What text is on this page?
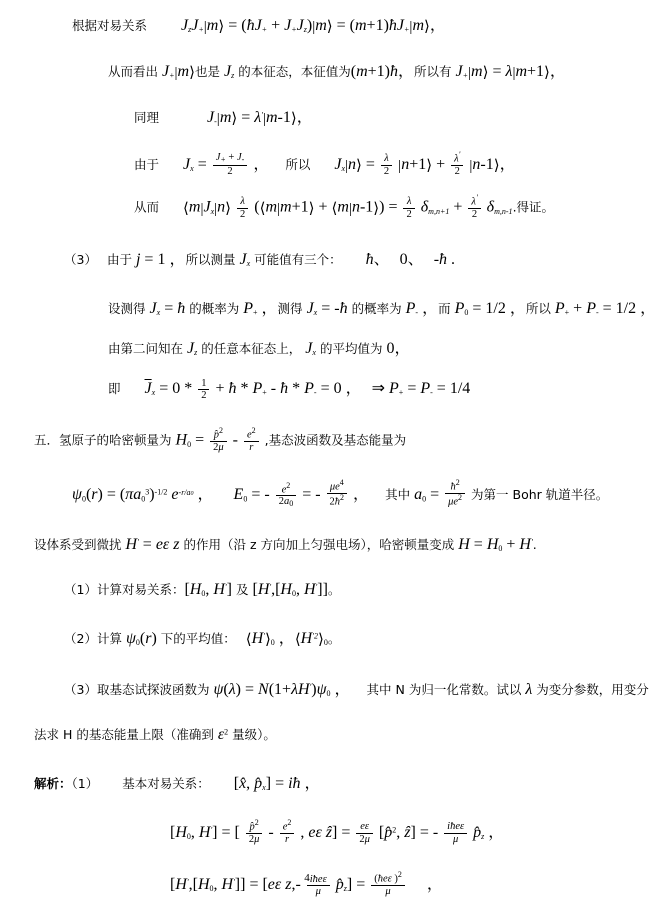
根据对易关系 $J_zJ_+|m⟩$ = ($ħJ_+$ + $J_+J_z)|m⟩$ = $(m+1)ħJ_+|m⟩$，
从而看出 $J_+|m⟩$也是 $J_z$ 的本征态，本征值为(m+1)ħ，所以有 $J_+|m⟩$ = λ|m+1⟩，
同理	$J_-|m⟩$ = λ'|m-1⟩，
由于 $J_x = \frac{J_+ + J_-}{2}$ ， 所以 $J_x|n⟩ = \frac{\lambda}{2}$ |n+1⟩ + $\frac{\lambda'}{2}$ |n-1⟩，
从而 $⟨m|J_x|n⟩ \frac{\lambda}{2}$ (⟨m|m+1⟩ + ⟨m|n-1⟩) = $\frac{\lambda}{2} \delta_{m,n+1} + \frac{\lambda'}{2} \delta_{m,n-1}$.得证。
（3） 由于 j = 1 ，所以测量 $J_x$ 可能值有三个： ħ、 0、 -ħ .
设测得 $J_x$ = ħ 的概率为 P+ ，测得 $J_x$ = -ħ 的概率为 P- ，而 P0 = 1/2 ，所以 P+ + P- = 1/2 ，
由第二问知在 $J_z$ 的任意本征态上， $J_x$ 的平均值为 0，
即 $\overline{J}_x = 0 * \frac{1}{2}$ + ħ * P+ - ħ * P- = 0 ， ⇒ P+ = P- = 1/4
五．氢原子的哈密顿量为 $H0 = \frac{p̂^2}{2\mu} - \frac{e^2}{r}$ ,基态波函数及基态能量为
$\psi 0(r) = (\pi a0^3)^{-1/2}$ $e^{-r/a0}$ ， E0 = - $\frac{e^2}{2a_0}$ = - $\frac{\mu e^4}{2ħ^2}$ ， 其中 $a0 = \frac{ħ^2}{\mu e^2}$ 为第一 Bohr 轨道半径。
设体系受到微扰 H' = eε z 的作用（沿 z 方向加上匀强电场），哈密顿量变成 H = H0 + H'.
（1）计算对易关系：[H0, H'] 及 [H',[H0, H']]。
（2）计算 ψ0(r) 下的平均值： ⟨H'⟩0 ，$⟨H^{'2}⟩0$。
（3）取基态试探波函数为 ψ(λ) = N(1+λH')ψ0 ， 其中 N 为归一化常数。试以 λ 为变分参数，用变分
法求 H 的基态能量上限（准确到 $\varepsilon^2$ 量级）。
解析：（1） 基本对易关系： [x̂, $p̂_x$] = iħ ，
[H0, H'] = [ $\frac{p̂^2}{2\mu} - \frac{e^2}{r}$ , eε ẑ] = $\frac{e\varepsilon}{2\mu}$ [p̂$^2$, ẑ] = - $\frac{\text{iħeε}}{\mu}$ $p̂_z$ ，
[H',[H0, H']] = [eε $z,- \frac{\text{iħeε}}{\mu}$ $p̂_z] = \frac{(ħe\varepsilon )^2}{\mu}$ ，
4
